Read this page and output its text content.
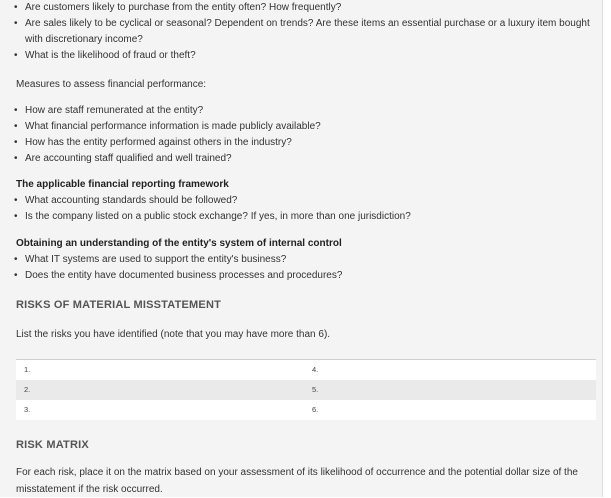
• Are customers likely to purchase from the entity often? How frequently?
• Are sales likely to be cyclical or seasonal? Dependent on trends? Are these items an essential purchase or a luxury item bought
with discretionary income?
• What is the likelihood of fraud or theft?
Measures to assess financial performance:
• How are staff remunerated at the entity?
• What financial performance information is made publicly available?
• How has the entity performed against others in the industry?
• Are accounting staff qualified and well trained?
The applicable financial reporting framework
• What accounting standards should be followed?
• Is the company listed on a public stock exchange? If yes, in more than one jurisdiction?
Obtaining an understanding of the entity's system of internal control
• What IT systems are used to support the entity's business?
• Does the entity have documented business processes and procedures?
RISKS OF MATERIAL MISSTATEMENT
List the risks you have identified (note that you may have more than 6).
1.	4.
2.	5.
3.	6.
RISK MATRIX
For each risk, place it on the matrix based on your assessment of its likelihood of occurrence and the potential dollar size of the
misstatement if the risk occurred.
